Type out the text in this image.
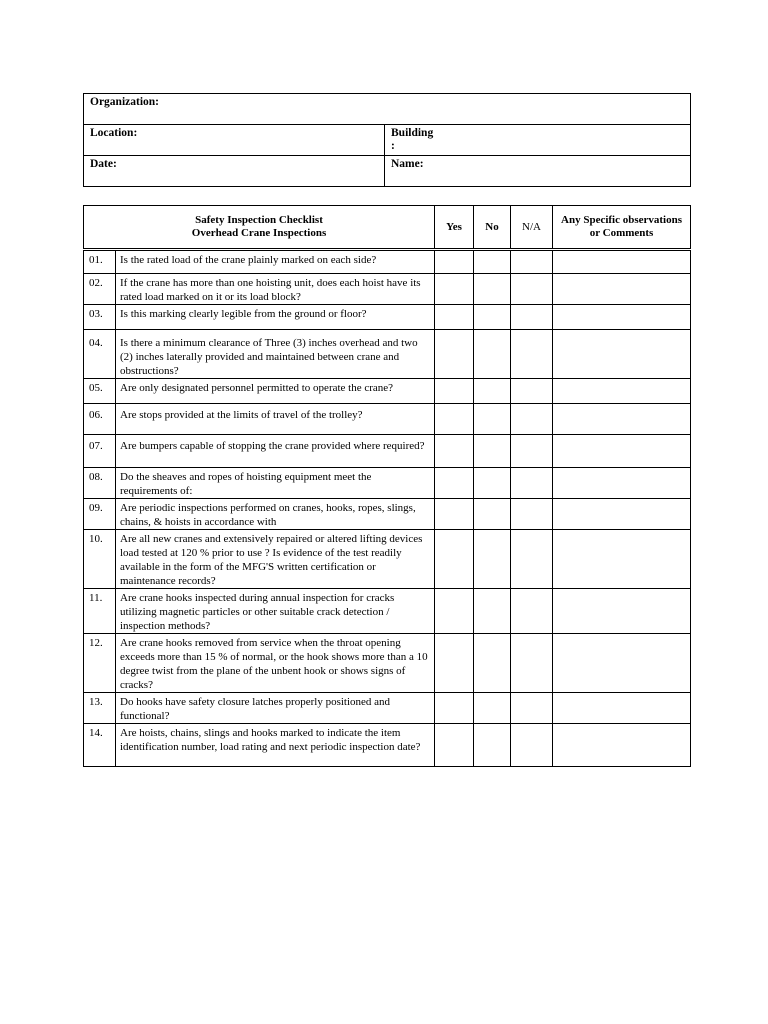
Organization:	
Location:	Building
:
Date:	Name:
Safety Inspection Checklist
Overhead Crane Inspections		Yes	No	N/A	Any Specific observations or Comments
01.	Is the rated load of the crane plainly marked on each side?				
02.	If the crane has more than one hoisting unit, does each hoist have its rated load marked on it or its load block?				
03.	Is this marking clearly legible from the ground or floor?				
04.	Is there a minimum clearance of Three (3) inches overhead and two (2) inches laterally provided and maintained between crane and obstructions?				
05.	Are only designated personnel permitted to operate the crane?				
06.	Are stops provided at the limits of travel of the trolley?				
07.	Are bumpers capable of stopping the crane provided where required?				
08.	Do the sheaves and ropes of hoisting equipment meet the requirements of:				
09.	Are periodic inspections performed on cranes, hooks, ropes, slings, chains, & hoists in accordance with				
10.	Are all new cranes and extensively repaired or altered lifting devices load tested at 120 % prior to use ? Is evidence of the test readily available in the form of the MFG'S written certification or maintenance records?				
11.	Are crane hooks inspected during annual inspection for cracks utilizing magnetic particles or other suitable crack detection / inspection methods?				
12.	Are crane hooks removed from service when the throat opening exceeds more than 15 % of normal, or the hook shows more than a 10 degree twist from the plane of the unbent hook or shows signs of cracks?				
13.	Do hooks have safety closure latches properly positioned and functional?				
14.	Are hoists, chains, slings and hooks marked to indicate the item identification number, load rating and next periodic inspection date?				
